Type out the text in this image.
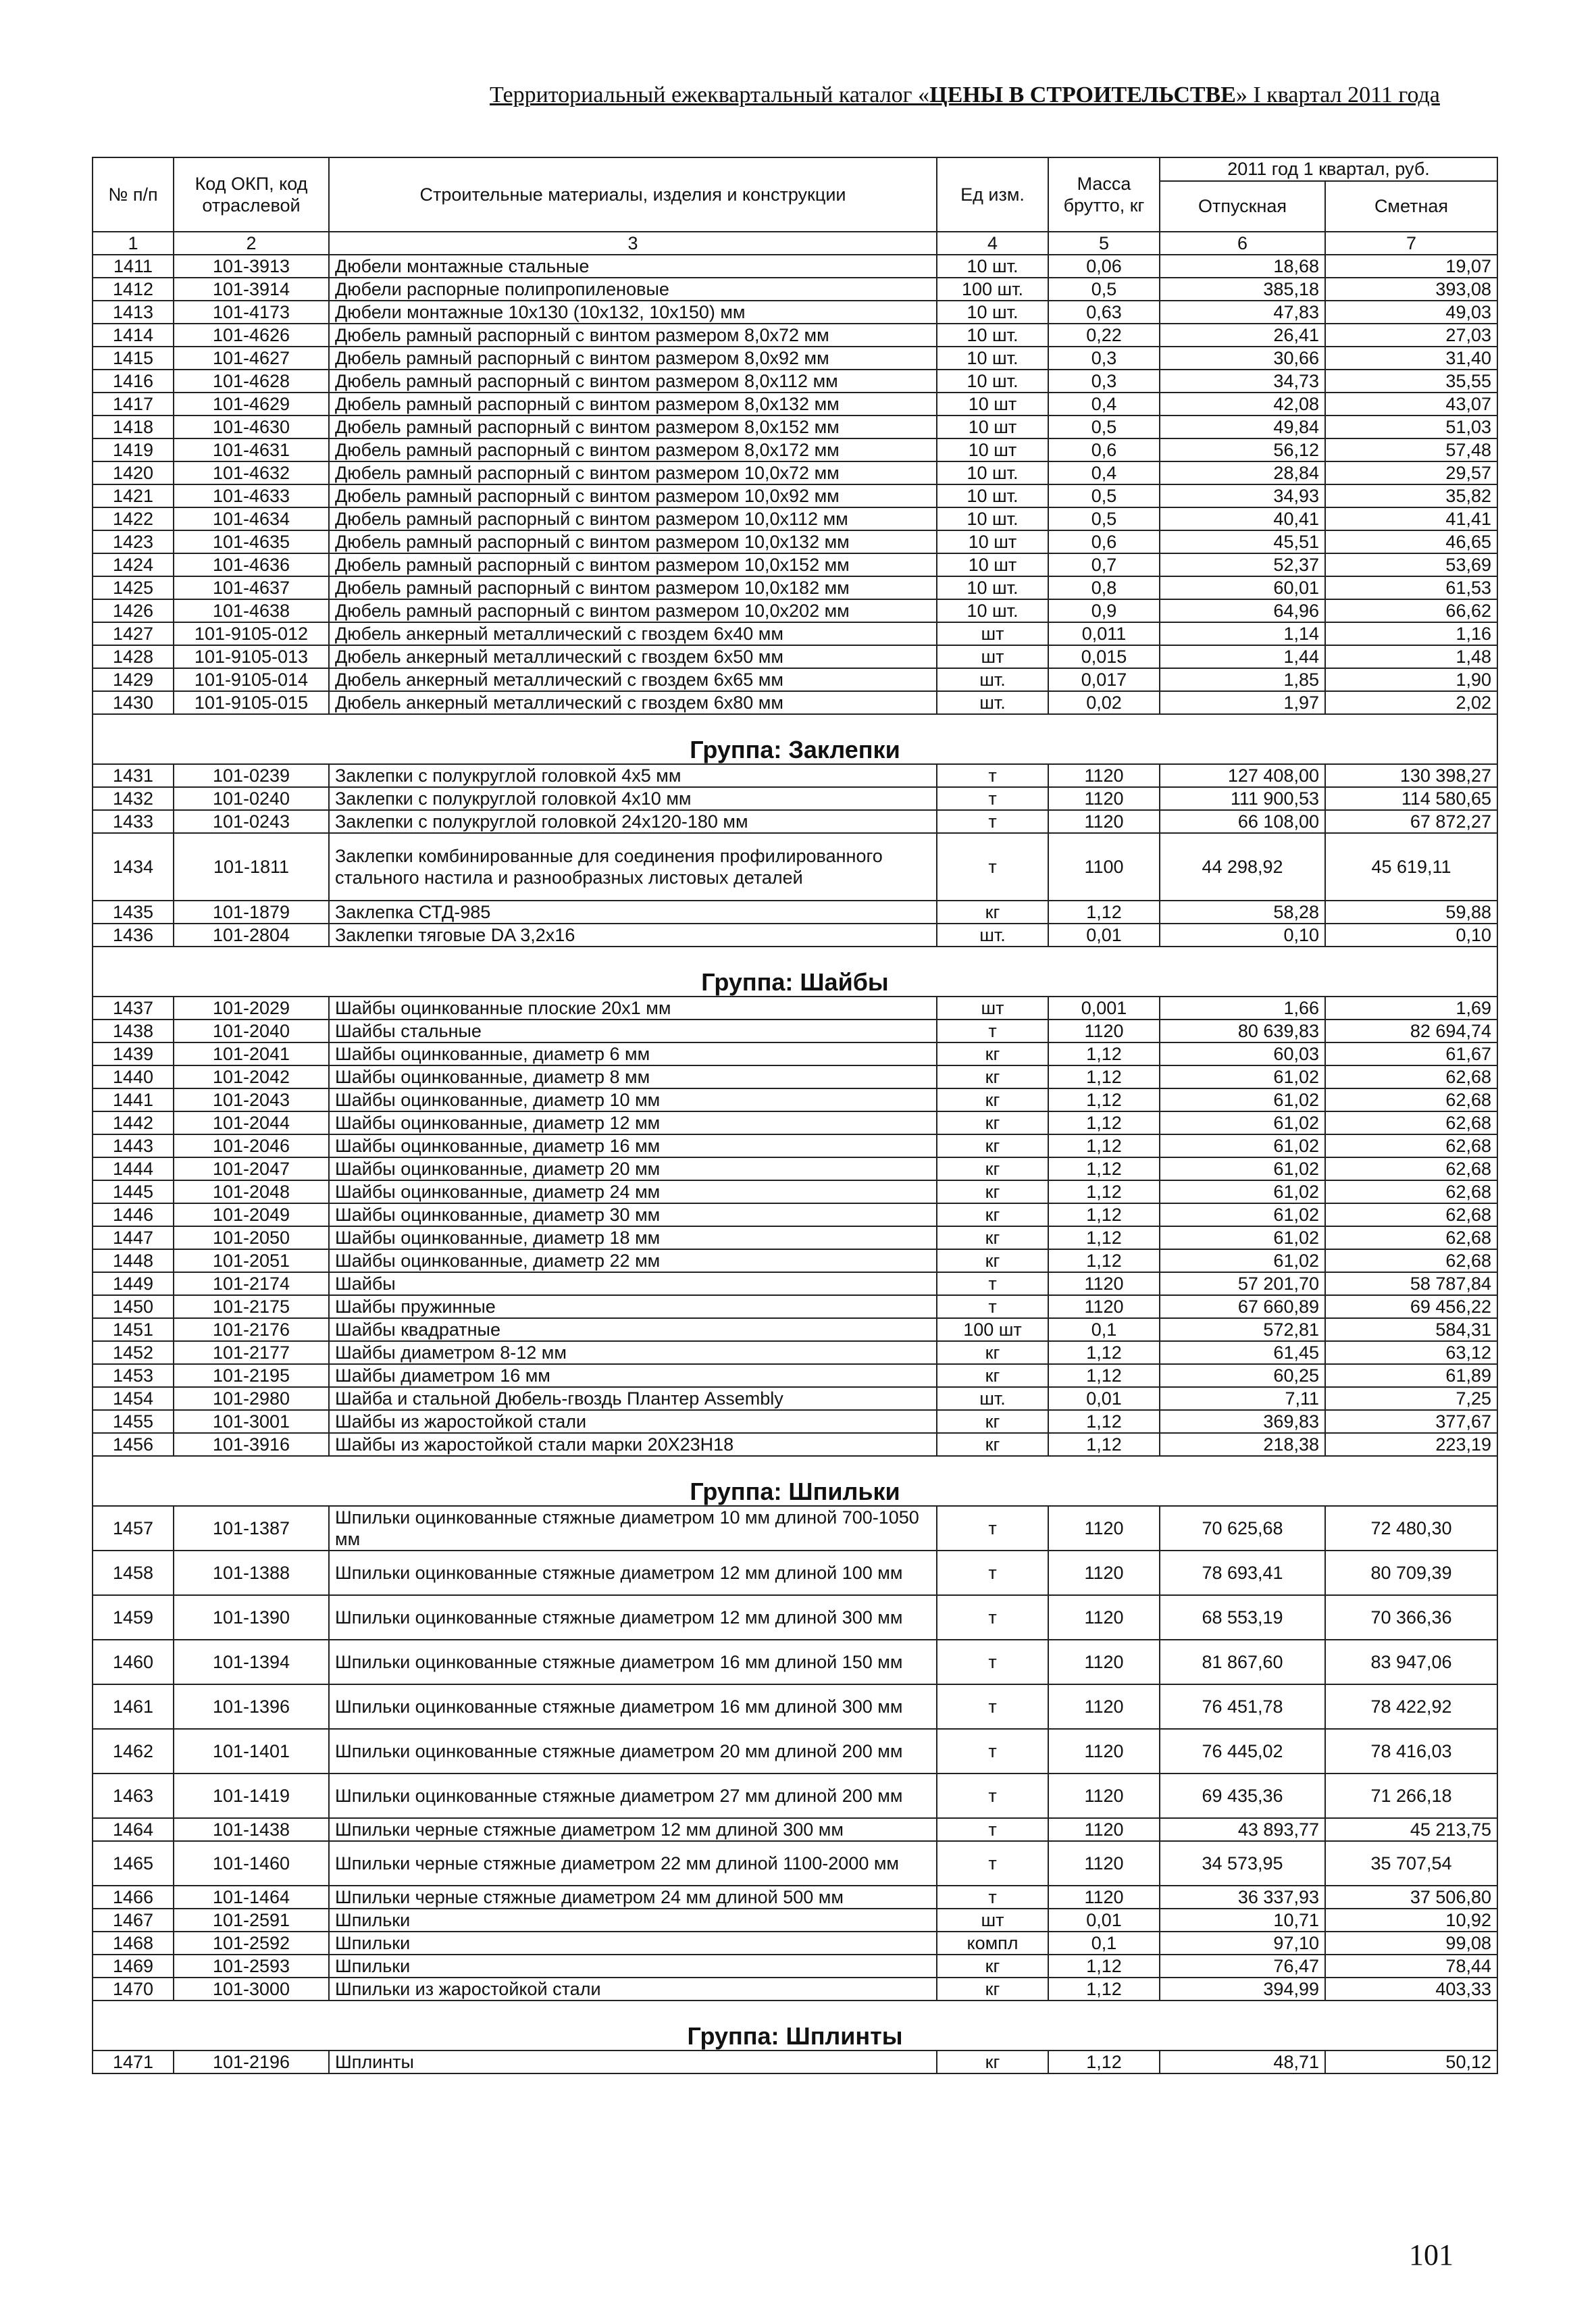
Территориальный ежеквартальный каталог «ЦЕНЫ В СТРОИТЕЛЬСТВЕ» I квартал 2011 года
№ п/п	Код ОКП, код отраслевой	Строительные материалы, изделия и конструкции	Ед изм.	Масса брутто, кг	2011 год 1 квартал, руб.	
					Отпускная	Сметная
1	2	3	4	5	6	7
1411	101-3913	Дюбели монтажные стальные	10 шт.	0,06	18,68	19,07
1412	101-3914	Дюбели распорные полипропиленовые	100 шт.	0,5	385,18	393,08
1413	101-4173	Дюбели монтажные 10x130 (10x132, 10x150) мм	10 шт.	0,63	47,83	49,03
1414	101-4626	Дюбель рамный распорный с винтом размером 8,0x72 мм	10 шт.	0,22	26,41	27,03
1415	101-4627	Дюбель рамный распорный с винтом размером 8,0x92 мм	10 шт.	0,3	30,66	31,40
1416	101-4628	Дюбель рамный распорный с винтом размером 8,0x112 мм	10 шт.	0,3	34,73	35,55
1417	101-4629	Дюбель рамный распорный с винтом размером 8,0x132 мм	10 шт	0,4	42,08	43,07
1418	101-4630	Дюбель рамный распорный с винтом размером 8,0x152 мм	10 шт	0,5	49,84	51,03
1419	101-4631	Дюбель рамный распорный с винтом размером 8,0x172 мм	10 шт	0,6	56,12	57,48
1420	101-4632	Дюбель рамный распорный с винтом размером 10,0x72 мм	10 шт.	0,4	28,84	29,57
1421	101-4633	Дюбель рамный распорный с винтом размером 10,0x92 мм	10 шт.	0,5	34,93	35,82
1422	101-4634	Дюбель рамный распорный с винтом размером 10,0x112 мм	10 шт.	0,5	40,41	41,41
1423	101-4635	Дюбель рамный распорный с винтом размером 10,0x132 мм	10 шт	0,6	45,51	46,65
1424	101-4636	Дюбель рамный распорный с винтом размером 10,0x152 мм	10 шт	0,7	52,37	53,69
1425	101-4637	Дюбель рамный распорный с винтом размером 10,0x182 мм	10 шт.	0,8	60,01	61,53
1426	101-4638	Дюбель рамный распорный с винтом размером 10,0x202 мм	10 шт.	0,9	64,96	66,62
1427	101-9105-012	Дюбель анкерный металлический с гвоздем 6x40 мм	шт	0,011	1,14	1,16
1428	101-9105-013	Дюбель анкерный металлический с гвоздем 6x50 мм	шт	0,015	1,44	1,48
1429	101-9105-014	Дюбель анкерный металлический с гвоздем 6x65 мм	шт.	0,017	1,85	1,90
1430	101-9105-015	Дюбель анкерный металлический с гвоздем 6x80 мм	шт.	0,02	1,97	2,02
Группа: Заклепки						
1431	101-0239	Заклепки с полукруглой головкой 4x5 мм	т	1120	127 408,00	130 398,27
1432	101-0240	Заклепки с полукруглой головкой 4x10 мм	т	1120	111 900,53	114 580,65
1433	101-0243	Заклепки с полукруглой головкой 24x120-180 мм	т	1120	66 108,00	67 872,27
1434	101-1811	Заклепки комбинированные для соединения профилированного стального настила и разнообразных листовых деталей	т	1100	44 298,92	45 619,11
1435	101-1879	Заклепка СТД-985	кг	1,12	58,28	59,88
1436	101-2804	Заклепки тяговые DA 3,2x16	шт.	0,01	0,10	0,10
Группа: Шайбы						
1437	101-2029	Шайбы оцинкованные плоские 20x1 мм	шт	0,001	1,66	1,69
1438	101-2040	Шайбы стальные	т	1120	80 639,83	82 694,74
1439	101-2041	Шайбы оцинкованные, диаметр 6 мм	кг	1,12	60,03	61,67
1440	101-2042	Шайбы оцинкованные, диаметр 8 мм	кг	1,12	61,02	62,68
1441	101-2043	Шайбы оцинкованные, диаметр 10 мм	кг	1,12	61,02	62,68
1442	101-2044	Шайбы оцинкованные, диаметр 12 мм	кг	1,12	61,02	62,68
1443	101-2046	Шайбы оцинкованные, диаметр 16 мм	кг	1,12	61,02	62,68
1444	101-2047	Шайбы оцинкованные, диаметр 20 мм	кг	1,12	61,02	62,68
1445	101-2048	Шайбы оцинкованные, диаметр 24 мм	кг	1,12	61,02	62,68
1446	101-2049	Шайбы оцинкованные, диаметр 30 мм	кг	1,12	61,02	62,68
1447	101-2050	Шайбы оцинкованные, диаметр 18 мм	кг	1,12	61,02	62,68
1448	101-2051	Шайбы оцинкованные, диаметр 22 мм	кг	1,12	61,02	62,68
1449	101-2174	Шайбы	т	1120	57 201,70	58 787,84
1450	101-2175	Шайбы пружинные	т	1120	67 660,89	69 456,22
1451	101-2176	Шайбы квадратные	100 шт	0,1	572,81	584,31
1452	101-2177	Шайбы диаметром 8-12 мм	кг	1,12	61,45	63,12
1453	101-2195	Шайбы диаметром 16 мм	кг	1,12	60,25	61,89
1454	101-2980	Шайба и стальной Дюбель-гвоздь Плантер Assembly	шт.	0,01	7,11	7,25
1455	101-3001	Шайбы из жаростойкой стали	кг	1,12	369,83	377,67
1456	101-3916	Шайбы из жаростойкой стали марки 20Х23Н18	кг	1,12	218,38	223,19
Группа: Шпильки						
1457	101-1387	Шпильки оцинкованные стяжные диаметром 10 мм длиной 700-1050 мм	т	1120	70 625,68	72 480,30
1458	101-1388	Шпильки оцинкованные стяжные диаметром 12 мм длиной 100 мм	т	1120	78 693,41	80 709,39
1459	101-1390	Шпильки оцинкованные стяжные диаметром 12 мм длиной 300 мм	т	1120	68 553,19	70 366,36
1460	101-1394	Шпильки оцинкованные стяжные диаметром 16 мм длиной 150 мм	т	1120	81 867,60	83 947,06
1461	101-1396	Шпильки оцинкованные стяжные диаметром 16 мм длиной 300 мм	т	1120	76 451,78	78 422,92
1462	101-1401	Шпильки оцинкованные стяжные диаметром 20 мм длиной 200 мм	т	1120	76 445,02	78 416,03
1463	101-1419	Шпильки оцинкованные стяжные диаметром 27 мм длиной 200 мм	т	1120	69 435,36	71 266,18
1464	101-1438	Шпильки черные стяжные диаметром 12 мм длиной 300 мм	т	1120	43 893,77	45 213,75
1465	101-1460	Шпильки черные стяжные диаметром 22 мм длиной 1100-2000 мм	т	1120	34 573,95	35 707,54
1466	101-1464	Шпильки черные стяжные диаметром 24 мм длиной 500 мм	т	1120	36 337,93	37 506,80
1467	101-2591	Шпильки	шт	0,01	10,71	10,92
1468	101-2592	Шпильки	компл	0,1	97,10	99,08
1469	101-2593	Шпильки	кг	1,12	76,47	78,44
1470	101-3000	Шпильки из жаростойкой стали	кг	1,12	394,99	403,33
Группа: Шплинты						
1471	101-2196	Шплинты	кг	1,12	48,71	50,12
101
